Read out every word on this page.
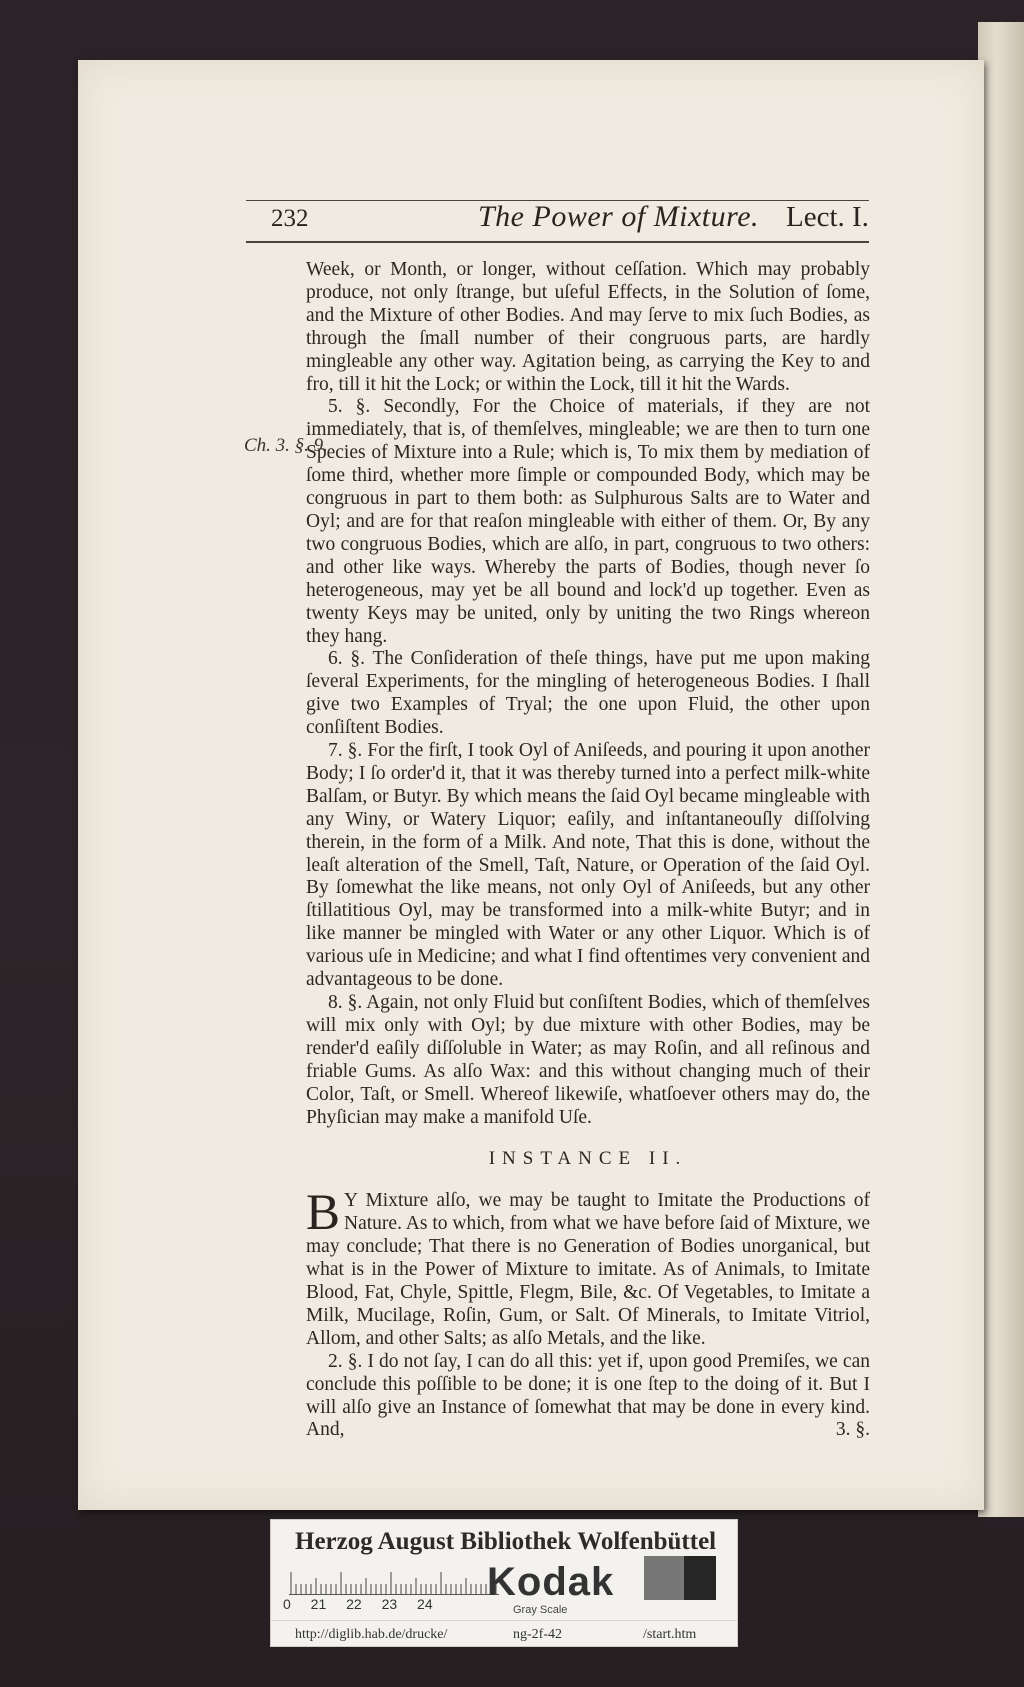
232	The Power of Mixture. Lect. I.
Ch. 3. §. 9.

Week, or Month, or longer, without ceſſation. Which may probably produce, not only ſtrange, but uſeful Effects, in the Solution of ſome, and the Mixture of other Bodies. And may ſerve to mix ſuch Bodies, as through the ſmall number of their congruous parts, are hardly mingleable any other way. Agitation being, as carrying the Key to and fro, till it hit the Lock; or within the Lock, till it hit the Wards.

5. §. Secondly, For the Choice of materials, if they are not immediately, that is, of themſelves, mingleable; we are then to turn one Species of Mixture into a Rule; which is, To mix them by mediation of ſome third, whether more ſimple or compounded Body, which may be congruous in part to them both: as Sulphurous Salts are to Water and Oyl; and are for that reaſon mingleable with either of them. Or, By any two congruous Bodies, which are alſo, in part, congruous to two others: and other like ways. Whereby the parts of Bodies, though never ſo heterogeneous, may yet be all bound and lock'd up together. Even as twenty Keys may be united, only by uniting the two Rings whereon they hang.

6. §. The Conſideration of theſe things, have put me upon making ſeveral Experiments, for the mingling of heterogeneous Bodies. I ſhall give two Examples of Tryal; the one upon Fluid, the other upon conſiſtent Bodies.

7. §. For the firſt, I took Oyl of Aniſeeds, and pouring it upon another Body; I ſo order'd it, that it was thereby turned into a perfect milk-white Balſam, or Butyr. By which means the ſaid Oyl became mingleable with any Winy, or Watery Liquor; eaſily, and inſtantaneouſly diſſolving therein, in the form of a Milk. And note, That this is done, without the leaſt alteration of the Smell, Taſt, Nature, or Operation of the ſaid Oyl. By ſomewhat the like means, not only Oyl of Aniſeeds, but any other ſtillatitious Oyl, may be transformed into a milk-white Butyr; and in like manner be mingled with Water or any other Liquor. Which is of various uſe in Medicine; and what I find oftentimes very convenient and advantageous to be done.

8. §. Again, not only Fluid but conſiſtent Bodies, which of themſelves will mix only with Oyl; by due mixture with other Bodies, may be render'd eaſily diſſoluble in Water; as may Roſin, and all reſinous and friable Gums. As alſo Wax: and this without changing much of their Color, Taſt, or Smell. Whereof likewiſe, whatſoever others may do, the Phyſician may make a manifold Uſe.

INSTANCE II.

B Y Mixture alſo, we may be taught to Imitate the Productions of Nature. As to which, from what we have before ſaid of Mixture, we may conclude; That there is no Generation of Bodies unorganical, but what is in the Power of Mixture to imitate. As of Animals, to Imitate Blood, Fat, Chyle, Spittle, Flegm, Bile, &c. Of Vegetables, to Imitate a Milk, Mucilage, Roſin, Gum, or Salt. Of Minerals, to Imitate Vitriol, Allom, and other Salts; as alſo Metals, and the like.

2. §. I do not ſay, I can do all this: yet if, upon good Premiſes, we can conclude this poſſible to be done; it is one ſtep to the doing of it. But I will alſo give an Instance of ſomewhat that may be done in every kind. And,	3. §.

Herzog August Bibliothek Wolfenbüttel
0 21 22 23 24 Kodak
Gray Scale
http://diglib.hab.de/drucke/	ng-2f-42	/start.htm
